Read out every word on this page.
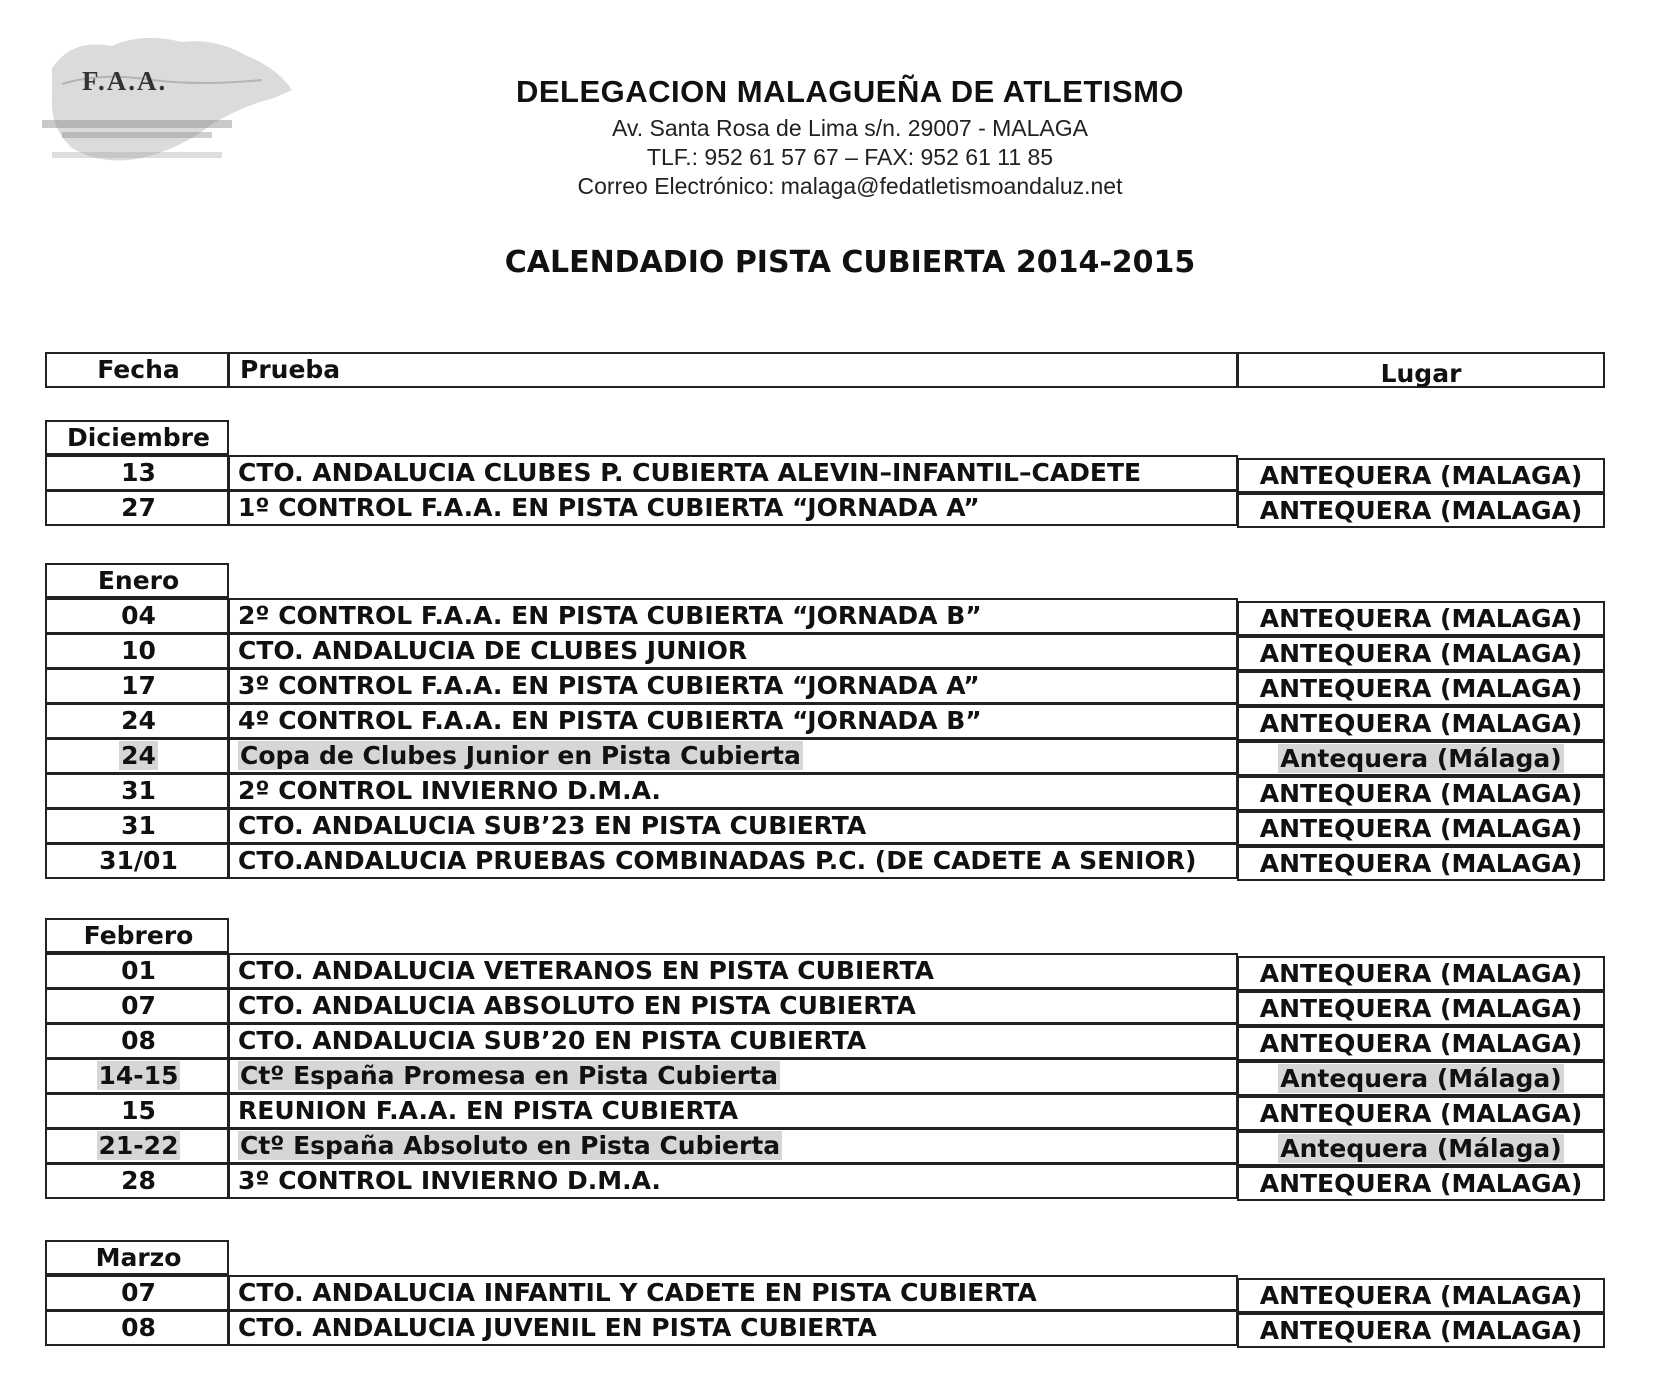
F.A.A.	DELEGACION MALAGUEÑA DE ATLETISMO
Av. Santa Rosa de Lima s/n. 29007 - MALAGA
TLF.: 952 61 57 67 – FAX: 952 61 11 85
Correo Electrónico: malaga@fedatletismoandaluz.net
CALENDADIO PISTA CUBIERTA 2014-2015
Fecha	Prueba	Lugar
Diciembre
13	CTO. ANDALUCIA CLUBES P. CUBIERTA ALEVIN–INFANTIL–CADETE	ANTEQUERA (MALAGA)
27	1º CONTROL F.A.A. EN PISTA CUBIERTA “JORNADA A”	ANTEQUERA (MALAGA)
Enero
04	2º CONTROL F.A.A. EN PISTA CUBIERTA “JORNADA B”	ANTEQUERA (MALAGA)
10	CTO. ANDALUCIA DE CLUBES JUNIOR	ANTEQUERA (MALAGA)
17	3º CONTROL F.A.A. EN PISTA CUBIERTA “JORNADA A”	ANTEQUERA (MALAGA)
24	4º CONTROL F.A.A. EN PISTA CUBIERTA “JORNADA B”	ANTEQUERA (MALAGA)
24	Copa de Clubes Junior en Pista Cubierta	Antequera (Málaga)
31	2º CONTROL INVIERNO D.M.A.	ANTEQUERA (MALAGA)
31	CTO. ANDALUCIA SUB’23 EN PISTA CUBIERTA	ANTEQUERA (MALAGA)
31/01	CTO.ANDALUCIA PRUEBAS COMBINADAS P.C. (DE CADETE A SENIOR)	ANTEQUERA (MALAGA)
Febrero
01	CTO. ANDALUCIA VETERANOS EN PISTA CUBIERTA	ANTEQUERA (MALAGA)
07	CTO. ANDALUCIA ABSOLUTO EN PISTA CUBIERTA	ANTEQUERA (MALAGA)
08	CTO. ANDALUCIA SUB’20 EN PISTA CUBIERTA	ANTEQUERA (MALAGA)
14-15	Ctº España Promesa en Pista Cubierta	Antequera (Málaga)
15	REUNION F.A.A. EN PISTA CUBIERTA	ANTEQUERA (MALAGA)
21-22	Ctº España Absoluto en Pista Cubierta	Antequera (Málaga)
28	3º CONTROL INVIERNO D.M.A.	ANTEQUERA (MALAGA)
Marzo
07	CTO. ANDALUCIA INFANTIL Y CADETE EN PISTA CUBIERTA	ANTEQUERA (MALAGA)
08	CTO. ANDALUCIA JUVENIL EN PISTA CUBIERTA	ANTEQUERA (MALAGA)
